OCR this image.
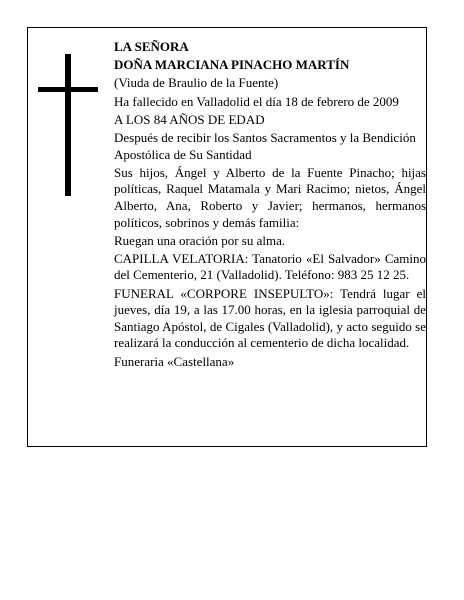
LA SEÑORA

DOÑA MARCIANA PINACHO MARTÍN

(Viuda de Braulio de la Fuente)

Ha fallecido en Valladolid el día 18 de febrero de 2009

A LOS 84 AÑOS DE EDAD

Después de recibir los Santos Sacramentos y la Bendición Apostólica de Su Santidad

Sus hijos, Ángel y Alberto de la Fuente Pinacho; hijas políticas, Raquel Matamala y Mari Racimo; nietos, Ángel Alberto, Ana, Roberto y Javier; hermanos, hermanos políticos, sobrinos y demás familia:

Ruegan una oración por su alma.

CAPILLA VELATORIA: Tanatorio «El Salvador» Camino del Cementerio, 21 (Valladolid). Teléfono: 983 25 12 25.

FUNERAL «CORPORE INSEPULTO»: Tendrá lugar el jueves, día 19, a las 17.00 horas, en la iglesia parroquial de Santiago Apóstol, de Cigales (Valladolid), y acto seguido se realizará la conducción al cementerio de dicha localidad.

Funeraria «Castellana»
